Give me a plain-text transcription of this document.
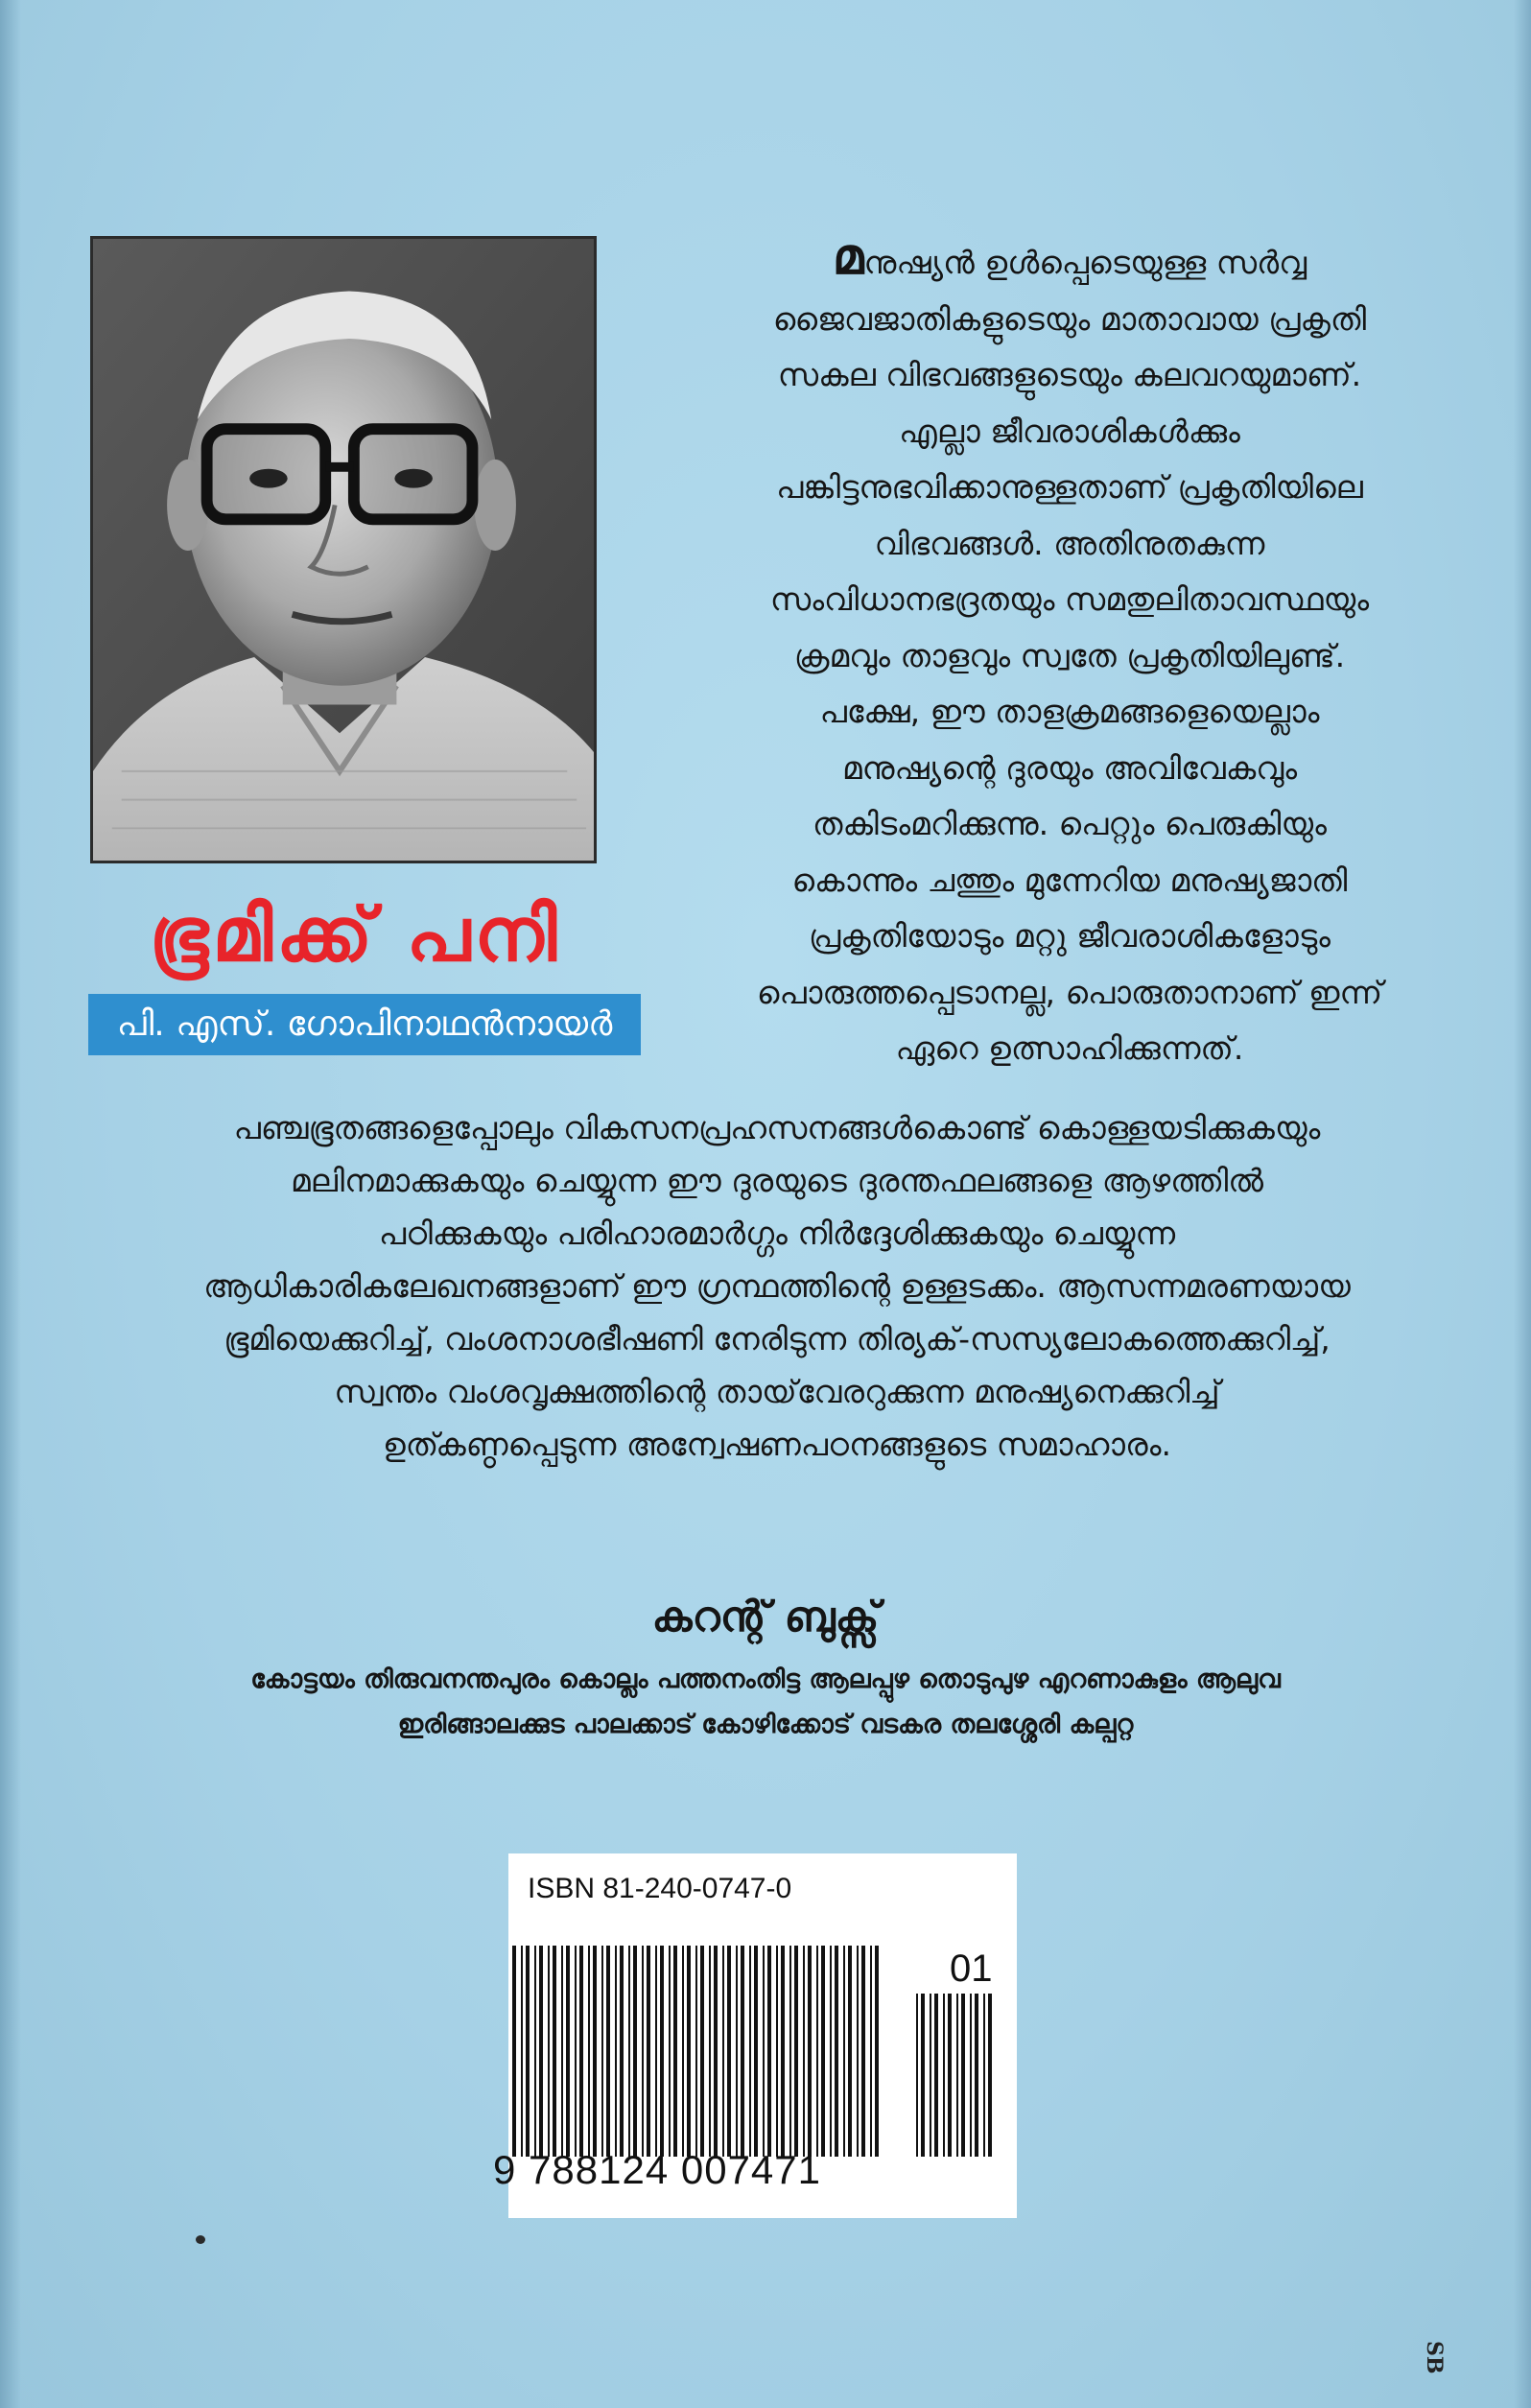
ഭൂമിക്ക് പനി
പി. എസ്. ഗോപിനാഥൻനായർ
മനുഷ്യൻ ഉൾപ്പെടെയുള്ള സർവ്വ
ജൈവജാതികളുടെയും മാതാവായ പ്രകൃതി
സകല വിഭവങ്ങളുടെയും കലവറയുമാണ്.
എല്ലാ ജീവരാശികൾക്കും
പങ്കിട്ടനുഭവിക്കാനുള്ളതാണ് പ്രകൃതിയിലെ
വിഭവങ്ങൾ. അതിനുതകുന്ന
സംവിധാനഭദ്രതയും സമതുലിതാവസ്ഥയും
ക്രമവും താളവും സ്വതേ പ്രകൃതിയിലുണ്ട്.
പക്ഷേ, ഈ താളക്രമങ്ങളെയെല്ലാം
മനുഷ്യന്റെ ദുരയും അവിവേകവും
തകിടംമറിക്കുന്നു. പെറ്റും പെരുകിയും
കൊന്നും ചത്തും മുന്നേറിയ മനുഷ്യജാതി
പ്രകൃതിയോടും മറ്റു ജീവരാശികളോടും
പൊരുത്തപ്പെടാനല്ല, പൊരുതാനാണ് ഇന്ന്
ഏറെ ഉത്സാഹിക്കുന്നത്.
പഞ്ചഭൂതങ്ങളെപ്പോലും വികസനപ്രഹസനങ്ങൾകൊണ്ട് കൊള്ളയടിക്കുകയും
മലിനമാക്കുകയും ചെയ്യുന്ന ഈ ദുരയുടെ ദുരന്തഫലങ്ങളെ ആഴത്തിൽ
പഠിക്കുകയും പരിഹാരമാർഗ്ഗം നിർദ്ദേശിക്കുകയും ചെയ്യുന്ന
ആധികാരികലേഖനങ്ങളാണ് ഈ ഗ്രന്ഥത്തിന്റെ ഉള്ളടക്കം. ആസന്നമരണയായ
ഭൂമിയെക്കുറിച്ച്, വംശനാശഭീഷണി നേരിടുന്ന തിര്യക്-സസ്യലോകത്തെക്കുറിച്ച്,
സ്വന്തം വംശവൃക്ഷത്തിന്റെ തായ്‌വേരറുക്കുന്ന മനുഷ്യനെക്കുറിച്ച്
ഉത്കണ്ഠപ്പെടുന്ന അന്വേഷണപഠനങ്ങളുടെ സമാഹാരം.
കറന്റ് ബുക്സ്
കോട്ടയം തിരുവനന്തപുരം കൊല്ലം പത്തനംതിട്ട ആലപ്പുഴ തൊടുപുഴ എറണാകുളം ആലുവ
ഇരിങ്ങാലക്കുട പാലക്കാട് കോഴിക്കോട് വടകര തലശ്ശേരി കല്പറ്റ
ISBN 81-240-0747-0
9 788124 007471
01
SB
